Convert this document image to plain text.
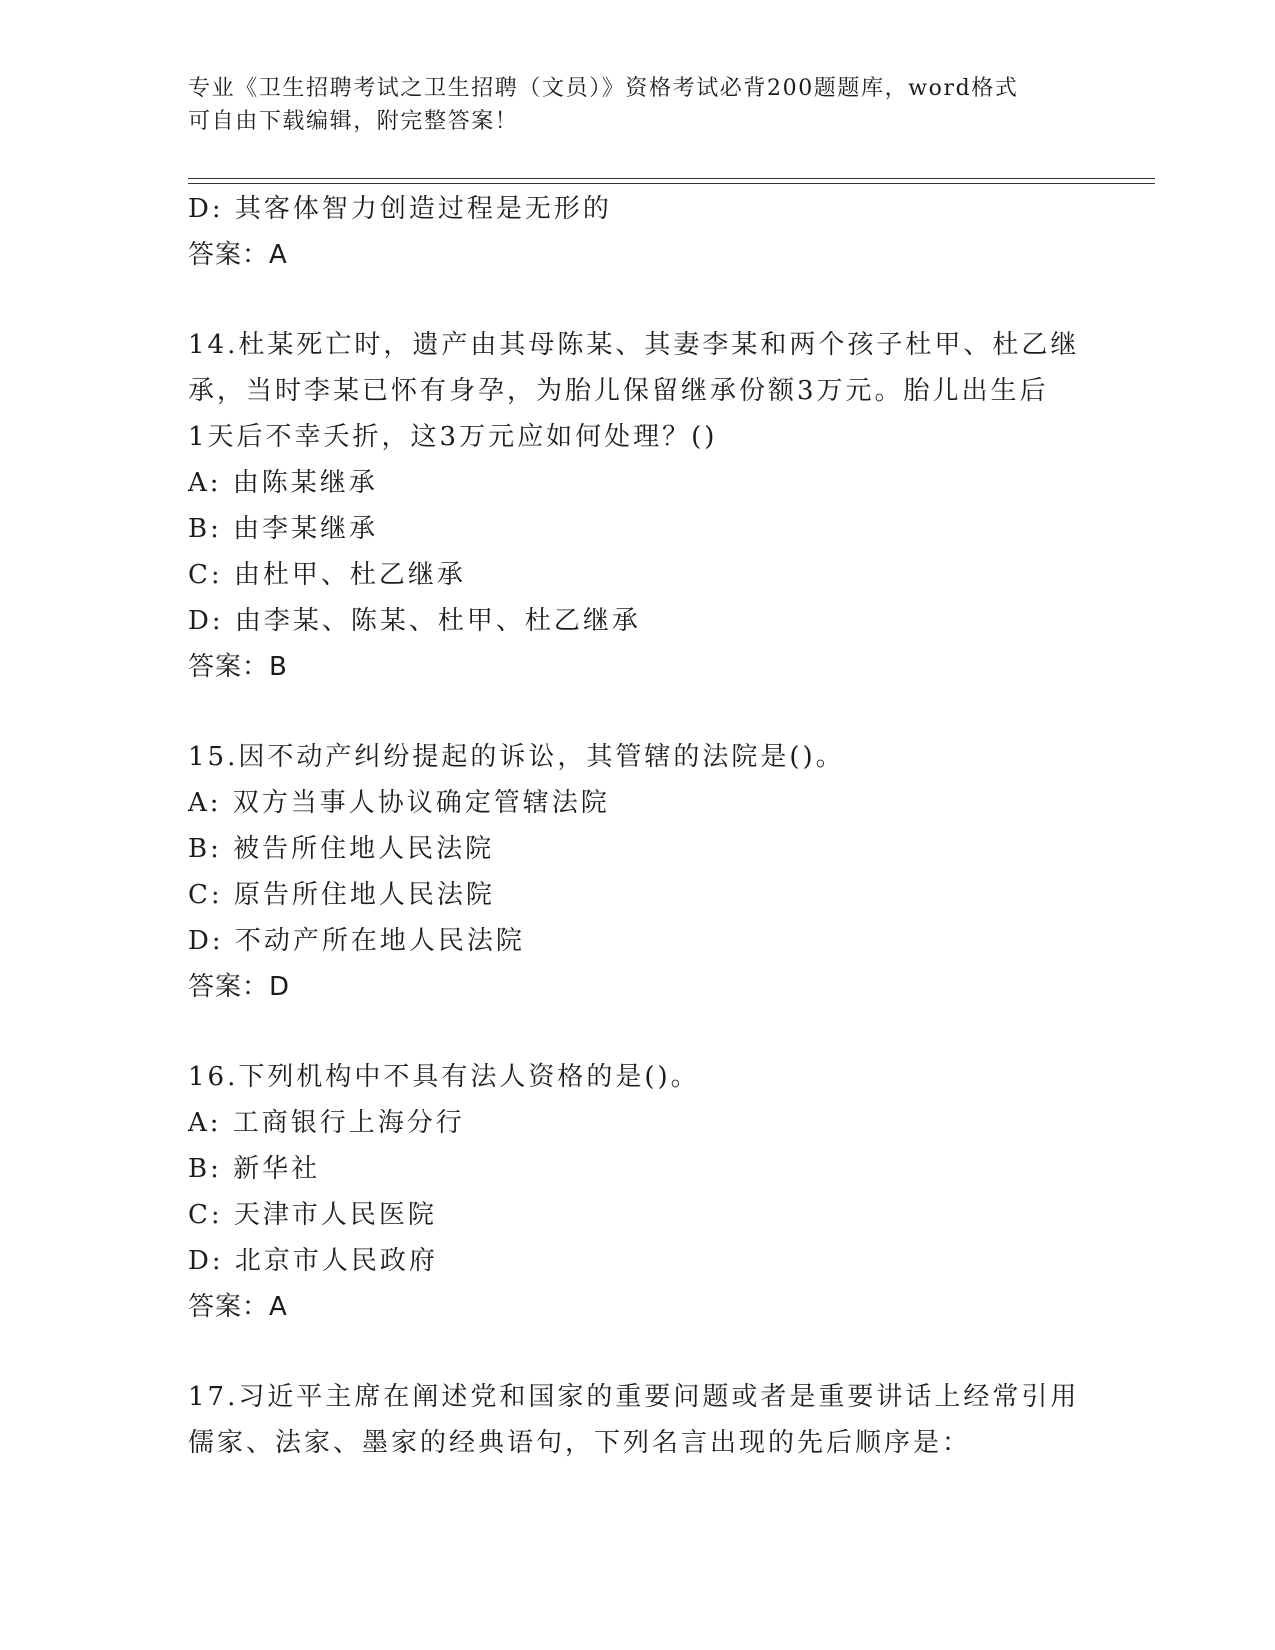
专业《卫生招聘考试之卫生招聘（文员）》资格考试必背200题题库，word格式
可自由下载编辑，附完整答案！
D: 其客体智力创造过程是无形的
答案：A
14.杜某死亡时，遗产由其母陈某、其妻李某和两个孩子杜甲、杜乙继
承，当时李某已怀有身孕，为胎儿保留继承份额3万元。胎儿出生后
1天后不幸夭折，这3万元应如何处理？()
A: 由陈某继承
B: 由李某继承
C: 由杜甲、杜乙继承
D: 由李某、陈某、杜甲、杜乙继承
答案：B
15.因不动产纠纷提起的诉讼，其管辖的法院是()。
A: 双方当事人协议确定管辖法院
B: 被告所住地人民法院
C: 原告所住地人民法院
D: 不动产所在地人民法院
答案：D
16.下列机构中不具有法人资格的是()。
A: 工商银行上海分行
B: 新华社
C: 天津市人民医院
D: 北京市人民政府
答案：A
17.习近平主席在阐述党和国家的重要问题或者是重要讲话上经常引用
儒家、法家、墨家的经典语句，下列名言出现的先后顺序是：
